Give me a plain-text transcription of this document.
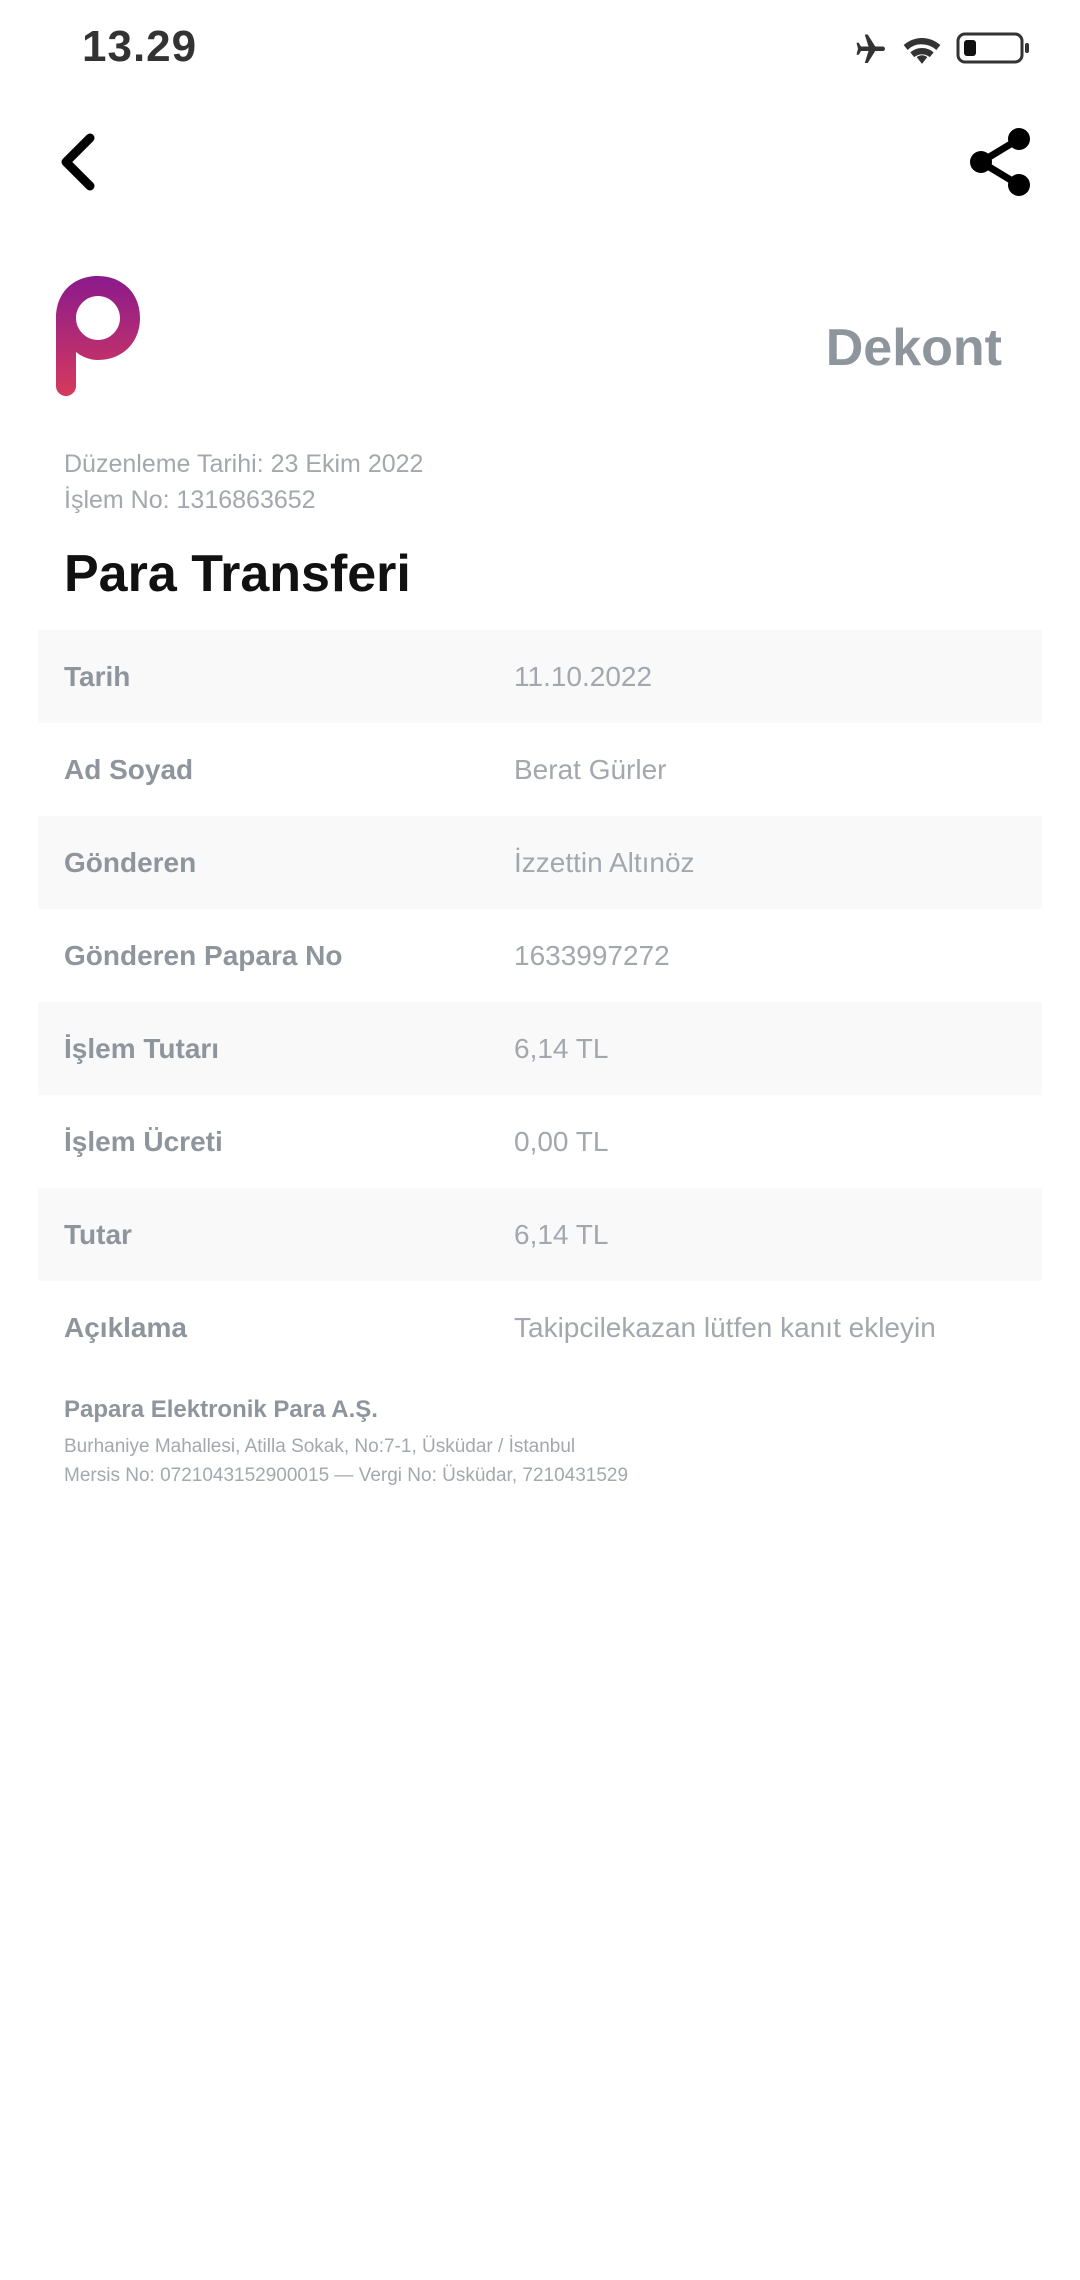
13.29
Dekont
Düzenleme Tarihi: 23 Ekim 2022
İşlem No: 1316863652
Para Transferi
Tarih	11.10.2022
Ad Soyad	Berat Gürler
Gönderen	İzzettin Altınöz
Gönderen Papara No	1633997272
İşlem Tutarı	6,14 TL
İşlem Ücreti	0,00 TL
Tutar	6,14 TL
Açıklama	Takipcilekazan lütfen kanıt ekleyin
Papara Elektronik Para A.Ş.
Burhaniye Mahallesi, Atilla Sokak, No:7-1, Üsküdar / İstanbul
Mersis No: 0721043152900015 — Vergi No: Üsküdar, 7210431529
